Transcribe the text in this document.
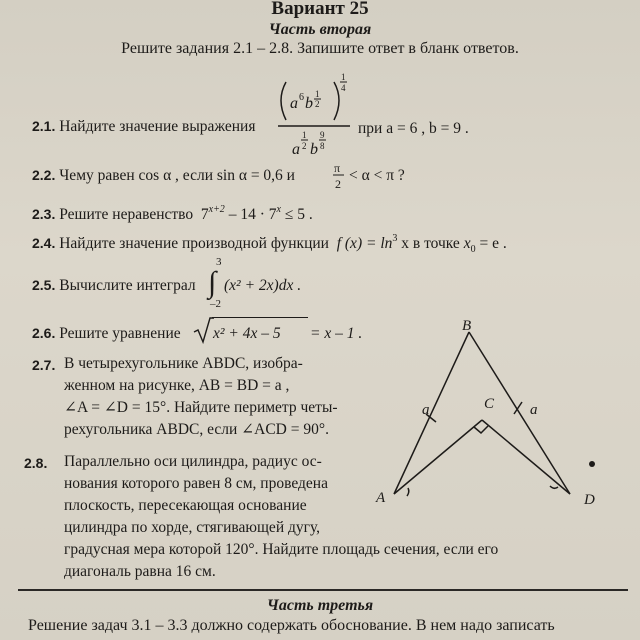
Вариант 25
Часть вторая
Решите задания 2.1 – 2.8. Запишите ответ в бланк ответов.
2.1. Найдите значение выражения
a 6 b
1
2
1
4
a
1
2 b
9
8
при a = 6 , b = 9 .
2.2. Чему равен cos α , если sin α = 0,6 и	π
2 < α < π ?
2.3. Решите неравенство  $7^{x+2} - 14 \cdot 7^x \le 5$ .
2.4. Найдите значение производной функции f $(x) = \ln^3 x$ в точке $x_0 = e$ .
2.5. Вычислите интеграл
3
∫
–2
(x² + 2x)dx .
2.6. Решите уравнение x² + 4x – 5 = x – 1 .
2.7. В четырехугольнике ABDC, изобра-
женном на рисунке, AB = BD = a ,
∠A = ∠D = 15°. Найдите периметр четы-
рехугольника ABDC, если ∠ACD = 90°.
2.8. Параллельно оси цилиндра, радиус ос-
нования которого равен 8 см, проведена
плоскость, пересекающая основание
цилиндра по хорде, стягивающей дугу,
градусная мера которой 120°. Найдите площадь сечения, если его
диагональ равна 16 см.
B
C
A	D
a	a
Часть третья
Решение задач 3.1 – 3.3 должно содержать обоснование. В нем надо записать
